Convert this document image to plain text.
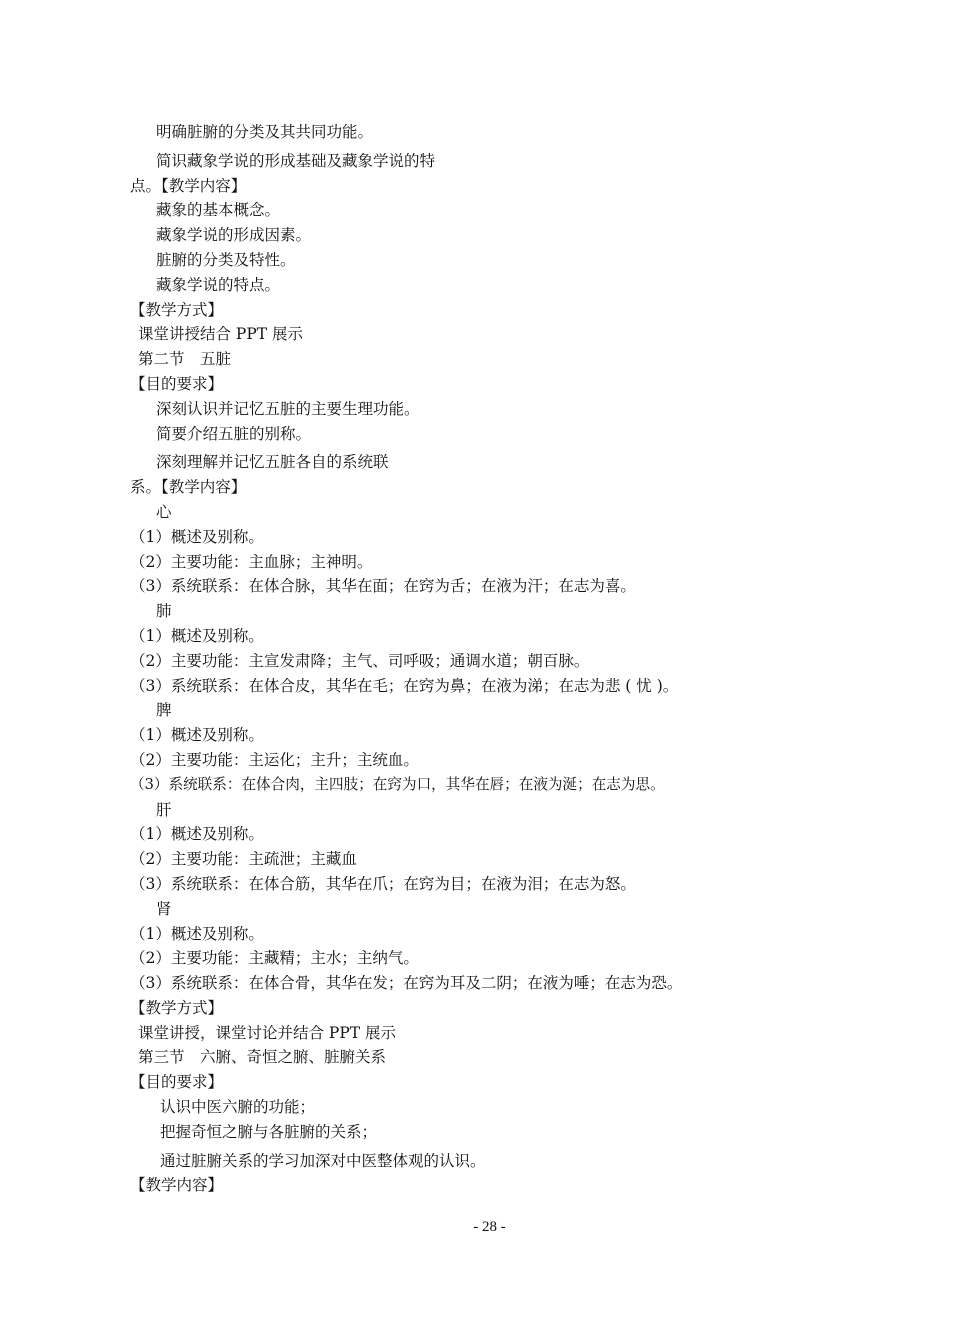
明确脏腑的分类及其共同功能。
简识藏象学说的形成基础及藏象学说的特
点。【教学内容】
藏象的基本概念。
藏象学说的形成因素。
脏腑的分类及特性。
藏象学说的特点。
【教学方式】
课堂讲授结合 PPT 展示
第二节　五脏
【目的要求】
深刻认识并记忆五脏的主要生理功能。
简要介绍五脏的别称。
深刻理解并记忆五脏各自的系统联
系。【教学内容】
心
（1）概述及别称。
（2）主要功能：主血脉；主神明。
（3）系统联系：在体合脉，其华在面；在窍为舌；在液为汗；在志为喜。
肺
（1）概述及别称。
（2）主要功能：主宣发肃降；主气、司呼吸；通调水道；朝百脉。
（3）系统联系：在体合皮，其华在毛；在窍为鼻；在液为涕；在志为悲 ( 忧 )。
脾
（1）概述及别称。
（2）主要功能：主运化；主升；主统血。
（3）系统联系：在体合肉，主四肢；在窍为口，其华在唇；在液为涎；在志为思。
肝
（1）概述及别称。
（2）主要功能：主疏泄；主藏血
（3）系统联系：在体合筋，其华在爪；在窍为目；在液为泪；在志为怒。
肾
（1）概述及别称。
（2）主要功能：主藏精；主水；主纳气。
（3）系统联系：在体合骨，其华在发；在窍为耳及二阴；在液为唾；在志为恐。
【教学方式】
课堂讲授，课堂讨论并结合 PPT 展示
第三节　六腑、奇恒之腑、脏腑关系
【目的要求】
认识中医六腑的功能；
把握奇恒之腑与各脏腑的关系；
通过脏腑关系的学习加深对中医整体观的认识。
【教学内容】
- 28 -
